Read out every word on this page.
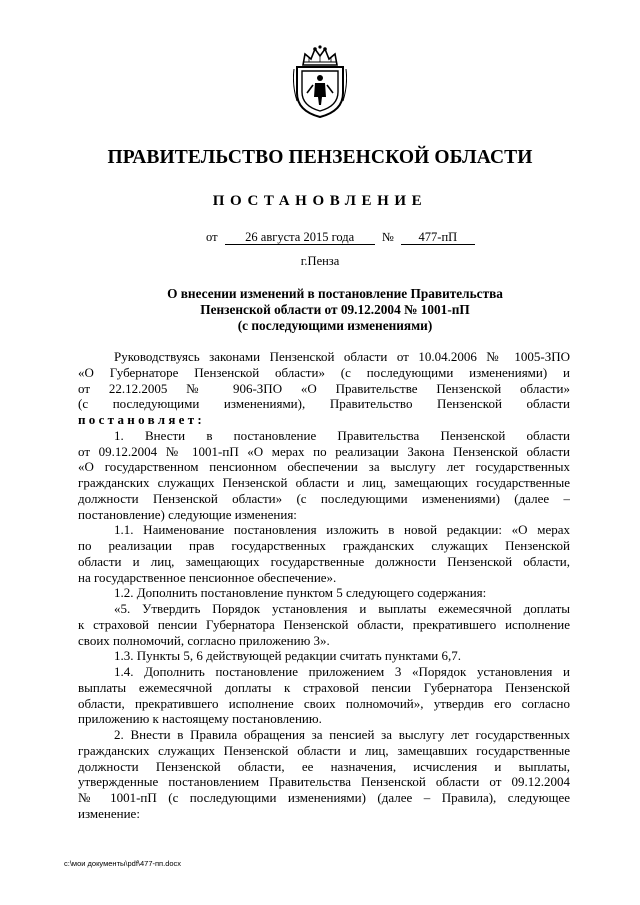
ПРАВИТЕЛЬСТВО ПЕНЗЕНСКОЙ ОБЛАСТИ
ПОСТАНОВЛЕНИЕ
от 26 августа 2015 года № 477-пП
г.Пенза
О внесении изменений в постановление Правительства
Пензенской области от 09.12.2004 № 1001-пП
(с последующими изменениями)
Руководствуясь законами Пензенской области от 10.04.2006 № 1005-ЗПО
«О Губернаторе Пензенской области» (с последующими изменениями) и
от 22.12.2005 № 906-ЗПО «О Правительстве Пензенской области»
(с последующими изменениями), Правительство Пензенской области
постановляет:
1. Внести в постановление Правительства Пензенской области
от 09.12.2004 № 1001-пП «О мерах по реализации Закона Пензенской области
«О государственном пенсионном обеспечении за выслугу лет государственных
гражданских служащих Пензенской области и лиц, замещающих государственные
должности Пензенской области» (с последующими изменениями) (далее –
постановление) следующие изменения:
1.1. Наименование постановления изложить в новой редакции: «О мерах
по реализации прав государственных гражданских служащих Пензенской
области и лиц, замещающих государственные должности Пензенской области,
на государственное пенсионное обеспечение».
1.2. Дополнить постановление пунктом 5 следующего содержания:
«5. Утвердить Порядок установления и выплаты ежемесячной доплаты
к страховой пенсии Губернатора Пензенской области, прекратившего исполнение
своих полномочий, согласно приложению 3».
1.3. Пункты 5, 6 действующей редакции считать пунктами 6,7.
1.4. Дополнить постановление приложением 3 «Порядок установления и
выплаты ежемесячной доплаты к страховой пенсии Губернатора Пензенской
области, прекратившего исполнение своих полномочий», утвердив его согласно
приложению к настоящему постановлению.
2. Внести в Правила обращения за пенсией за выслугу лет государственных
гражданских служащих Пензенской области и лиц, замещавших государственные
должности Пензенской области, ее назначения, исчисления и выплаты,
утвержденные постановлением Правительства Пензенской области от 09.12.2004
№ 1001-пП (с последующими изменениями) (далее – Правила), следующее
изменение:
c:\мои документы\pdf\477-пп.docx
